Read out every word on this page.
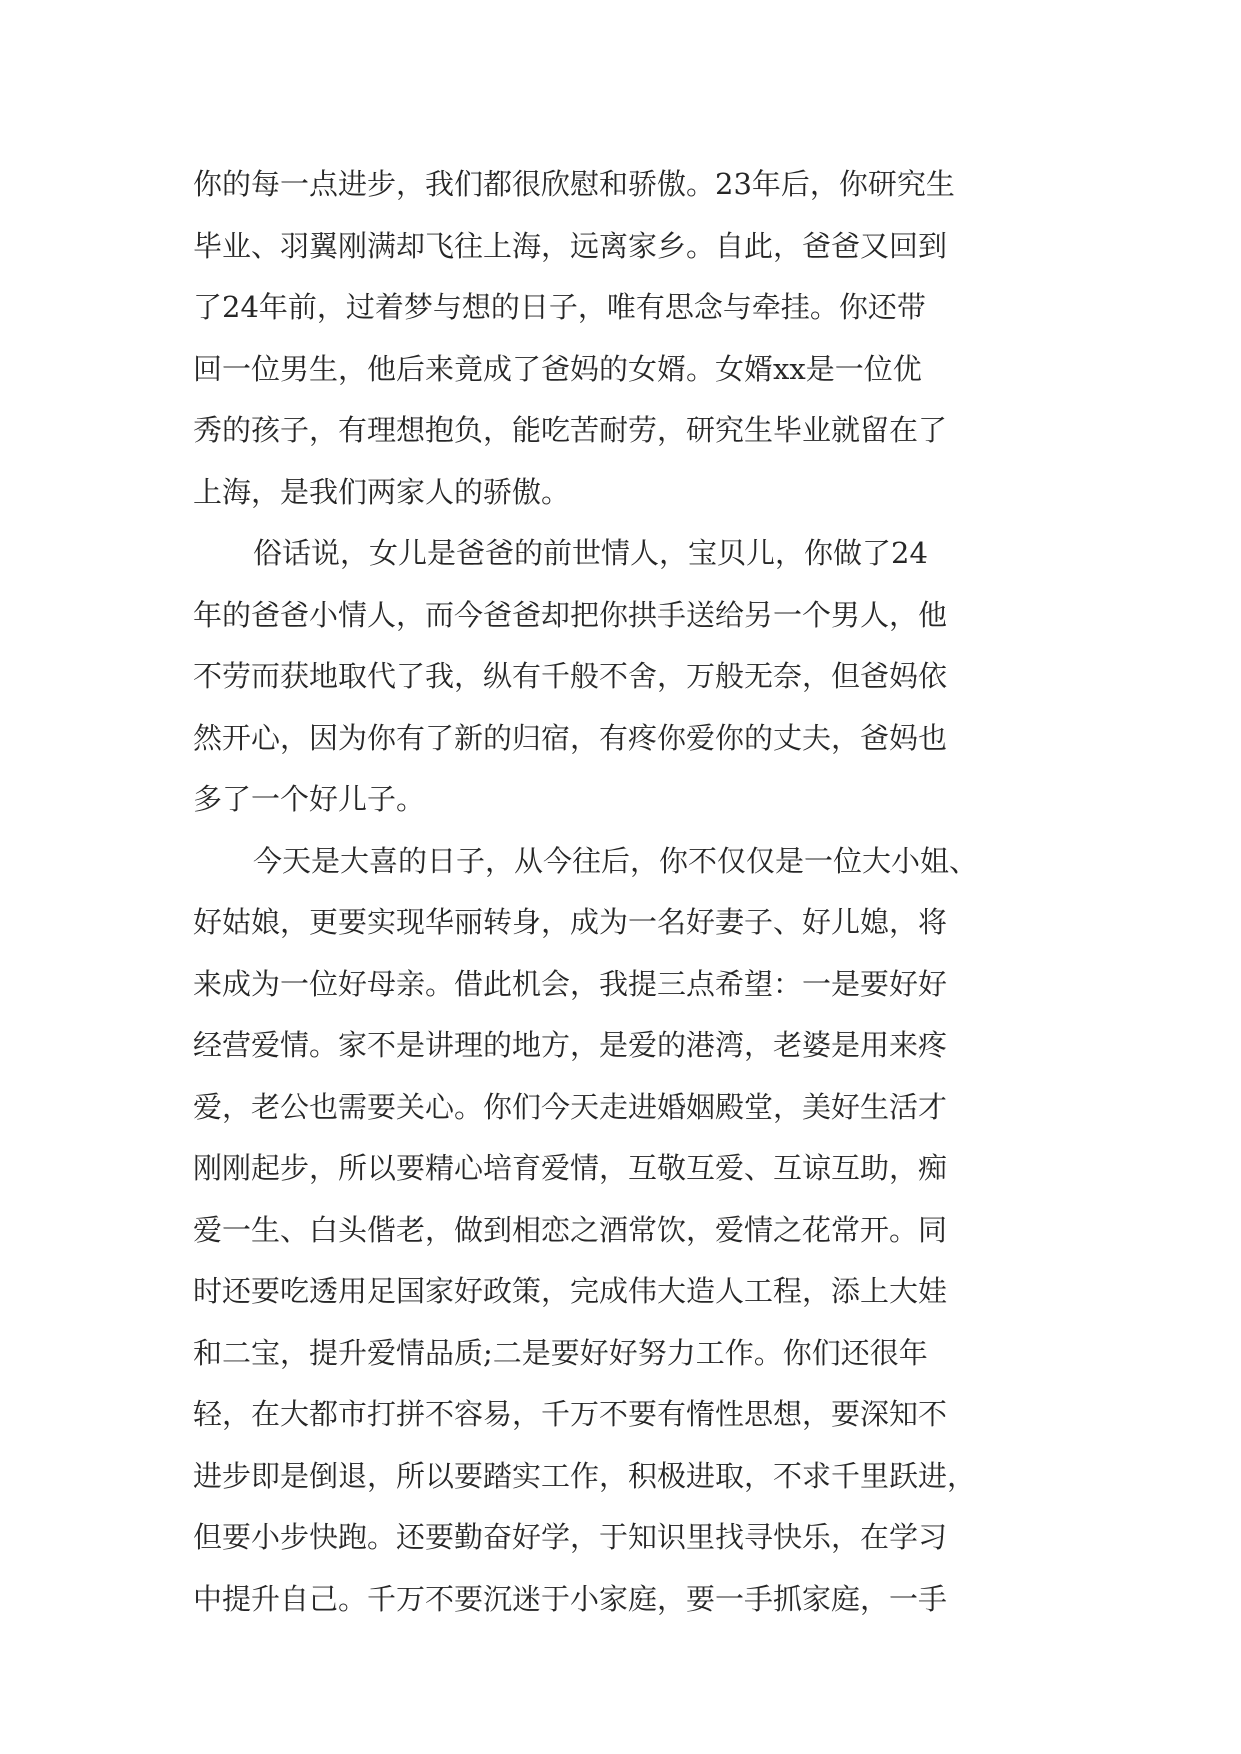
你的每一点进步，我们都很欣慰和骄傲。23年后，你研究生
毕业、羽翼刚满却飞往上海，远离家乡。自此，爸爸又回到
了24年前，过着梦与想的日子，唯有思念与牵挂。你还带
回一位男生，他后来竟成了爸妈的女婿。女婿xx是一位优
秀的孩子，有理想抱负，能吃苦耐劳，研究生毕业就留在了
上海，是我们两家人的骄傲。
俗话说，女儿是爸爸的前世情人，宝贝儿，你做了24
年的爸爸小情人，而今爸爸却把你拱手送给另一个男人，他
不劳而获地取代了我，纵有千般不舍，万般无奈，但爸妈依
然开心，因为你有了新的归宿，有疼你爱你的丈夫，爸妈也
多了一个好儿子。
今天是大喜的日子，从今往后，你不仅仅是一位大小姐、
好姑娘，更要实现华丽转身，成为一名好妻子、好儿媳，将
来成为一位好母亲。借此机会，我提三点希望：一是要好好
经营爱情。家不是讲理的地方，是爱的港湾，老婆是用来疼
爱，老公也需要关心。你们今天走进婚姻殿堂，美好生活才
刚刚起步，所以要精心培育爱情，互敬互爱、互谅互助，痴
爱一生、白头偕老，做到相恋之酒常饮，爱情之花常开。同
时还要吃透用足国家好政策，完成伟大造人工程，添上大娃
和二宝，提升爱情品质;二是要好好努力工作。你们还很年
轻，在大都市打拼不容易，千万不要有惰性思想，要深知不
进步即是倒退，所以要踏实工作，积极进取，不求千里跃进，
但要小步快跑。还要勤奋好学，于知识里找寻快乐，在学习
中提升自己。千万不要沉迷于小家庭，要一手抓家庭，一手
